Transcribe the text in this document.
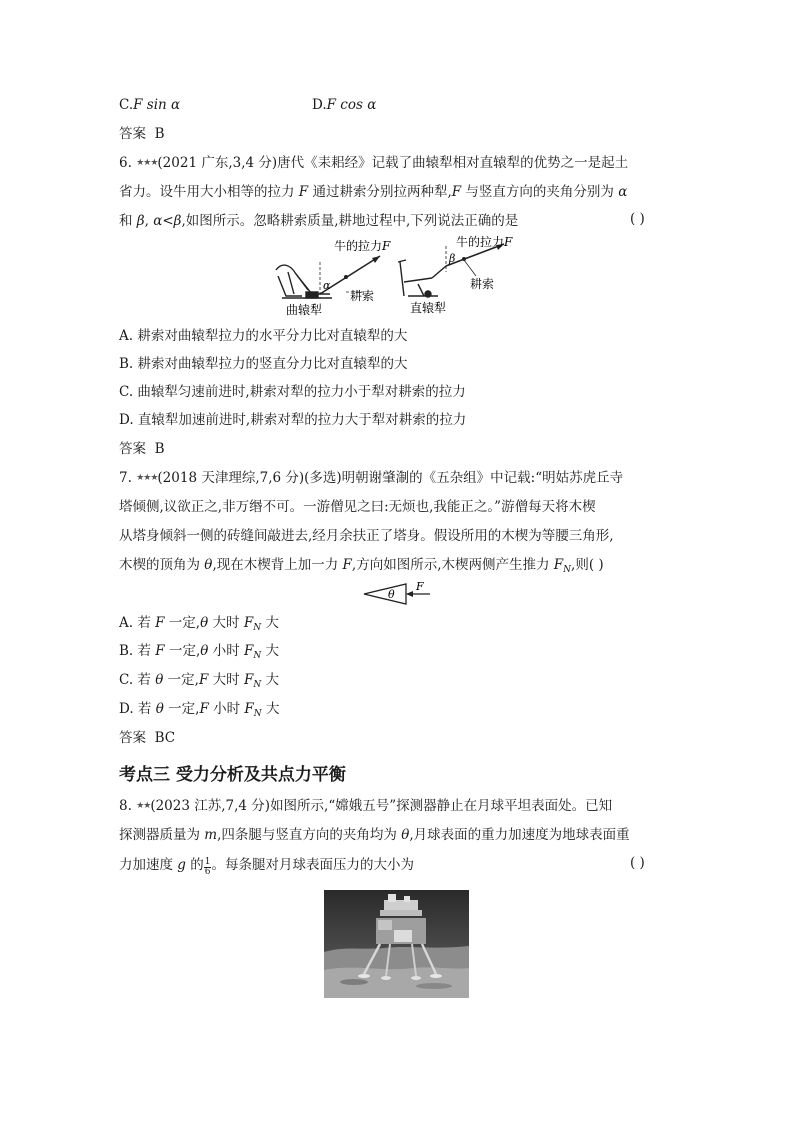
C.F sin α	D.F cos α
答案 B
6. ★★★(2021 广东,3,4 分)唐代《耒耜经》记载了曲辕犁相对直辕犁的优势之一是起土
省力。设牛用大小相等的拉力 F 通过耕索分别拉两种犁,F 与竖直方向的夹角分别为 α
和 β, α<β,如图所示。忽略耕索质量,耕地过程中,下列说法正确的是	( )
α
牛的拉力F
耕索
曲辕犁
β
牛的拉力F
耕索
直辕犁
A. 耕索对曲辕犁拉力的水平分力比对直辕犁的大
B. 耕索对曲辕犁拉力的竖直分力比对直辕犁的大
C. 曲辕犁匀速前进时,耕索对犁的拉力小于犁对耕索的拉力
D. 直辕犁加速前进时,耕索对犁的拉力大于犁对耕索的拉力
答案 B
7. ★★★(2018 天津理综,7,6 分)(多选)明朝谢肇淛的《五杂组》中记载:“明姑苏虎丘寺
塔倾侧,议欲正之,非万缗不可。一游僧见之曰:无烦也,我能正之。”游僧每天将木楔
从塔身倾斜一侧的砖缝间敲进去,经月余扶正了塔身。假设所用的木楔为等腰三角形,
木楔的顶角为 θ,现在木楔背上加一力 F,方向如图所示,木楔两侧产生推力 $F_N$,则( )
θ
F
A. 若 F 一定,θ 大时 $F_N$ 大
B. 若 F 一定,θ 小时 $F_N$ 大
C. 若 θ 一定,F 大时 $F_N$ 大
D. 若 θ 一定,F 小时 $F_N$ 大
答案 BC
考点三 受力分析及共点力平衡
8. ★★(2023 江苏,7,4 分)如图所示,“嫦娥五号”探测器静止在月球平坦表面处。已知
探测器质量为 m,四条腿与竖直方向的夹角均为 θ,月球表面的重力加速度为地球表面重
力加速度 g 的 $\frac{1}{6}$ 。每条腿对月球表面压力的大小为	( )
